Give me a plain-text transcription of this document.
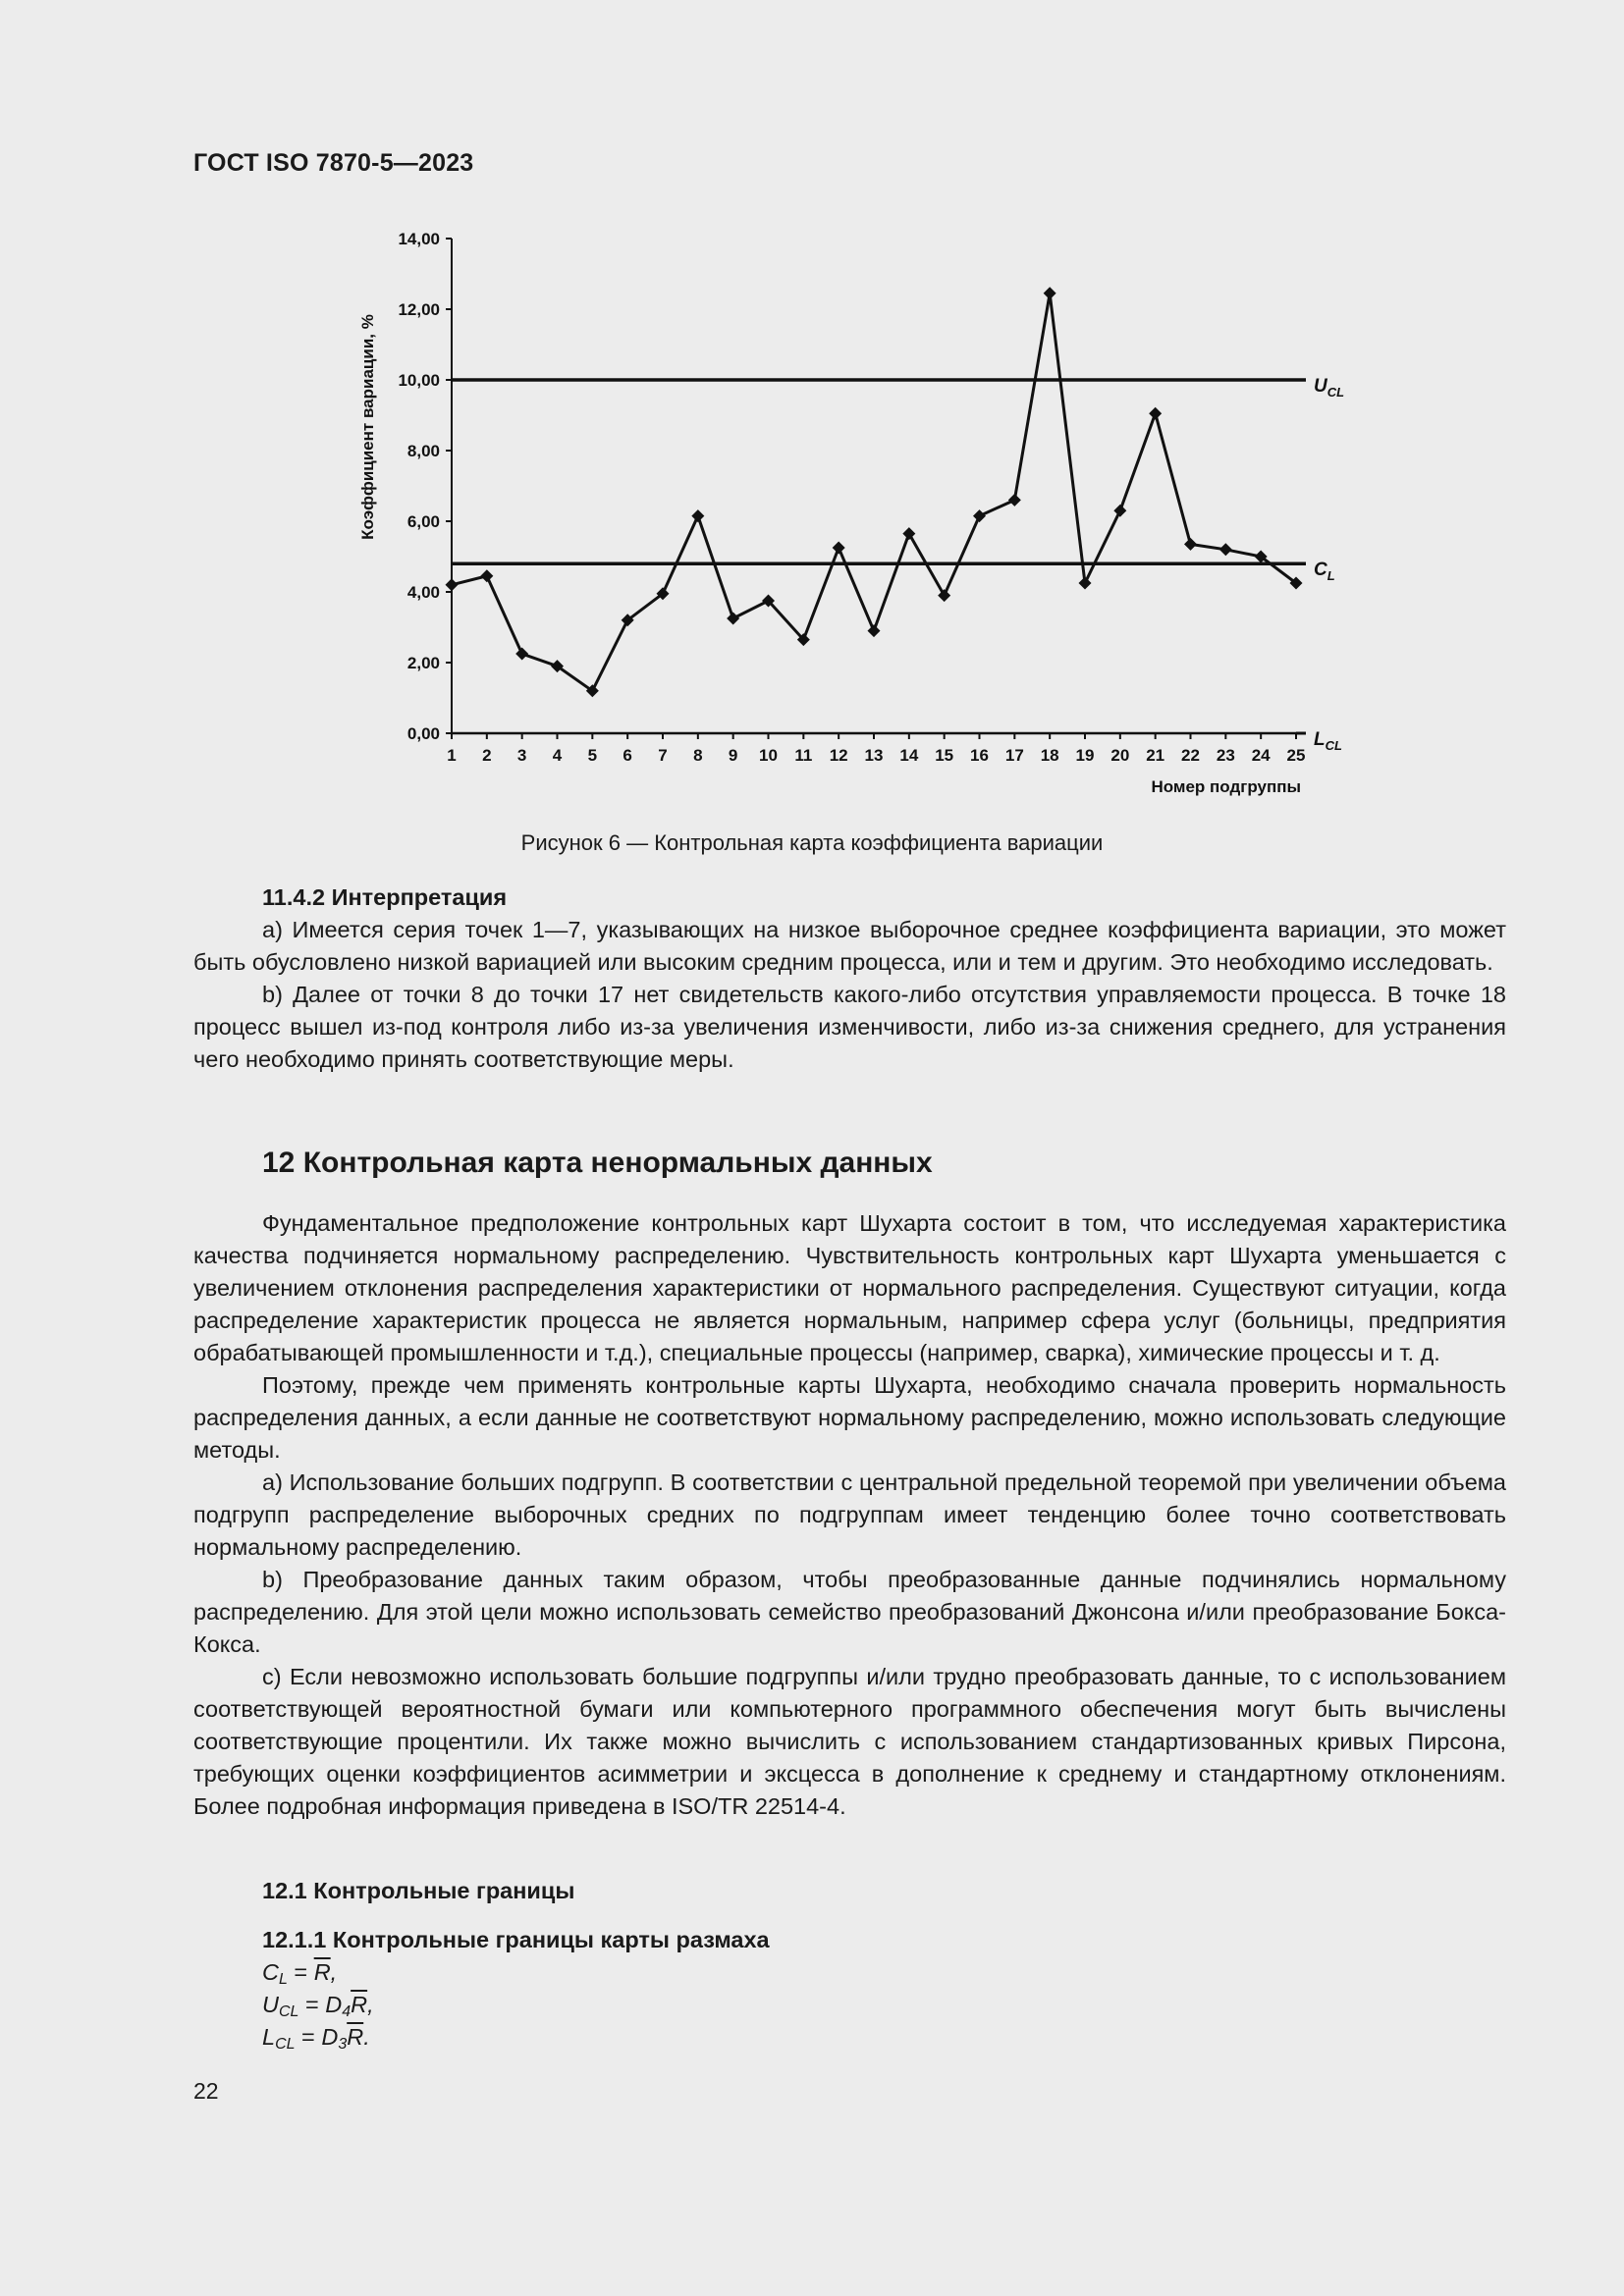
ГОСТ ISO 7870-5—2023
0,00
2,00
4,00
6,00
8,00
10,00
12,00
14,00
1 2 3 4 5 6 7 8 9 10 11 12 13 14 15 16 17 18 19 20 21 22 23 24 25
Коэффициент вариации, %
Номер подгруппы
$U_{CL}$
$C_L$
$L_{CL}$
Рисунок 6 — Контрольная карта коэффициента вариации

11.4.2 Интерпретация

а) Имеется серия точек 1—7, указывающих на низкое выборочное среднее коэффициента вариации, это может быть обусловлено низкой вариацией или высоким средним процесса, или и тем и другим. Это необходимо исследовать.

b) Далее от точки 8 до точки 17 нет свидетельств какого-либо отсутствия управляемости процесса. В точке 18 процесс вышел из-под контроля либо из-за увеличения изменчивости, либо из-за снижения среднего, для устранения чего необходимо принять соответствующие меры.

12 Контрольная карта ненормальных данных

Фундаментальное предположение контрольных карт Шухарта состоит в том, что исследуемая характеристика качества подчиняется нормальному распределению. Чувствительность контрольных карт Шухарта уменьшается с увеличением отклонения распределения характеристики от нормального распределения. Существуют ситуации, когда распределение характеристик процесса не является нормальным, например сфера услуг (больницы, предприятия обрабатывающей промышленности и т.д.), специальные процессы (например, сварка), химические процессы и т. д.

Поэтому, прежде чем применять контрольные карты Шухарта, необходимо сначала проверить нормальность распределения данных, а если данные не соответствуют нормальному распределению, можно использовать следующие методы.

а) Использование больших подгрупп. В соответствии с центральной предельной теоремой при увеличении объема подгрупп распределение выборочных средних по подгруппам имеет тенденцию более точно соответствовать нормальному распределению.

b) Преобразование данных таким образом, чтобы преобразованные данные подчинялись нормальному распределению. Для этой цели можно использовать семейство преобразований Джонсона и/или преобразование Бокса-Кокса.

c) Если невозможно использовать большие подгруппы и/или трудно преобразовать данные, то с использованием соответствующей вероятностной бумаги или компьютерного программного обеспечения могут быть вычислены соответствующие процентили. Их также можно вычислить с использованием стандартизованных кривых Пирсона, требующих оценки коэффициентов асимметрии и эксцесса в дополнение к среднему и стандартному отклонениям. Более подробная информация приведена в ISO/TR 22514-4.

12.1 Контрольные границы

12.1.1 Контрольные границы карты размаха

$C_L = \overline{R}$,
$U_{CL} = D_4\overline{R}$,
$L_{CL} = D_3\overline{R}$.
22
